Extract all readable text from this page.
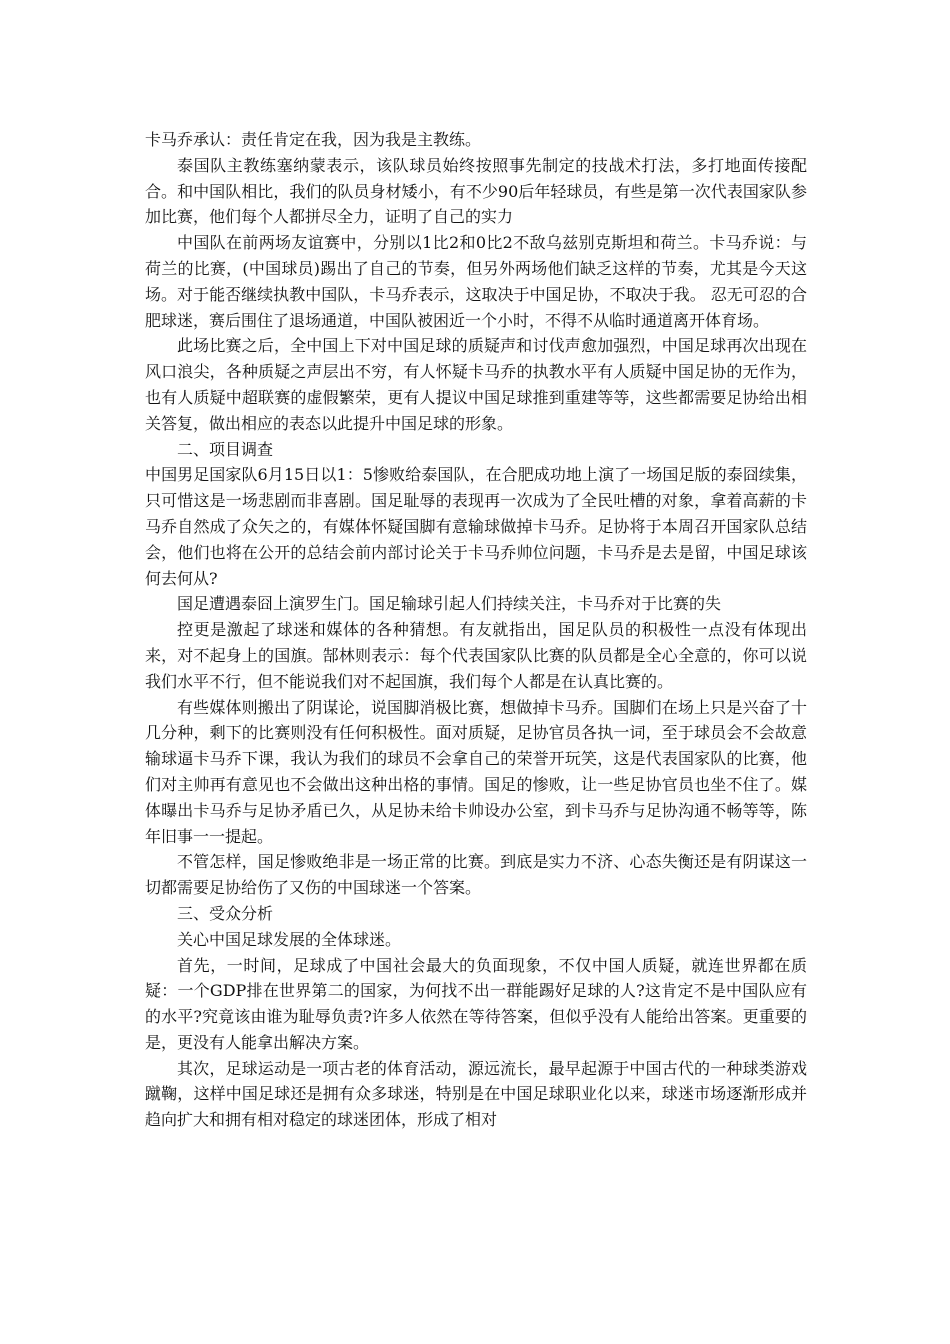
卡马乔承认：责任肯定在我，因为我是主教练。

泰国队主教练塞纳蒙表示，该队球员始终按照事先制定的技战术打法，多打地面传接配合。和中国队相比，我们的队员身材矮小，有不少90后年轻球员，有些是第一次代表国家队参加比赛，他们每个人都拼尽全力，证明了自己的实力

中国队在前两场友谊赛中，分别以1比2和0比2不敌乌兹别克斯坦和荷兰。卡马乔说：与荷兰的比赛，(中国球员)踢出了自己的节奏，但另外两场他们缺乏这样的节奏，尤其是今天这场。对于能否继续执教中国队，卡马乔表示，这取决于中国足协，不取决于我。 忍无可忍的合肥球迷，赛后围住了退场通道，中国队被困近一个小时，不得不从临时通道离开体育场。

此场比赛之后，全中国上下对中国足球的质疑声和讨伐声愈加强烈，中国足球再次出现在风口浪尖，各种质疑之声层出不穷，有人怀疑卡马乔的执教水平有人质疑中国足协的无作为，也有人质疑中超联赛的虚假繁荣，更有人提议中国足球推到重建等等，这些都需要足协给出相关答复，做出相应的表态以此提升中国足球的形象。

二、项目调查

中国男足国家队6月15日以1：5惨败给泰国队，在合肥成功地上演了一场国足版的泰囧续集，只可惜这是一场悲剧而非喜剧。国足耻辱的表现再一次成为了全民吐槽的对象，拿着高薪的卡马乔自然成了众矢之的，有媒体怀疑国脚有意输球做掉卡马乔。足协将于本周召开国家队总结会，他们也将在公开的总结会前内部讨论关于卡马乔帅位问题，卡马乔是去是留，中国足球该何去何从?

国足遭遇泰囧上演罗生门。国足输球引起人们持续关注，卡马乔对于比赛的失

控更是激起了球迷和媒体的各种猜想。有友就指出，国足队员的积极性一点没有体现出来，对不起身上的国旗。郜林则表示：每个代表国家队比赛的队员都是全心全意的，你可以说我们水平不行，但不能说我们对不起国旗，我们每个人都是在认真比赛的。

有些媒体则搬出了阴谋论，说国脚消极比赛，想做掉卡马乔。国脚们在场上只是兴奋了十几分种，剩下的比赛则没有任何积极性。面对质疑，足协官员各执一词，至于球员会不会故意输球逼卡马乔下课，我认为我们的球员不会拿自己的荣誉开玩笑，这是代表国家队的比赛，他们对主帅再有意见也不会做出这种出格的事情。国足的惨败，让一些足协官员也坐不住了。媒体曝出卡马乔与足协矛盾已久，从足协未给卡帅设办公室，到卡马乔与足协沟通不畅等等，陈年旧事一一提起。

不管怎样，国足惨败绝非是一场正常的比赛。到底是实力不济、心态失衡还是有阴谋这一切都需要足协给伤了又伤的中国球迷一个答案。

三、受众分析

关心中国足球发展的全体球迷。

首先，一时间，足球成了中国社会最大的负面现象，不仅中国人质疑，就连世界都在质疑：一个GDP排在世界第二的国家，为何找不出一群能踢好足球的人?这肯定不是中国队应有的水平?究竟该由谁为耻辱负责?许多人依然在等待答案，但似乎没有人能给出答案。更重要的是，更没有人能拿出解决方案。

其次，足球运动是一项古老的体育活动，源远流长，最早起源于中国古代的一种球类游戏蹴鞠，这样中国足球还是拥有众多球迷，特别是在中国足球职业化以来，球迷市场逐渐形成并趋向扩大和拥有相对稳定的球迷团体，形成了相对
